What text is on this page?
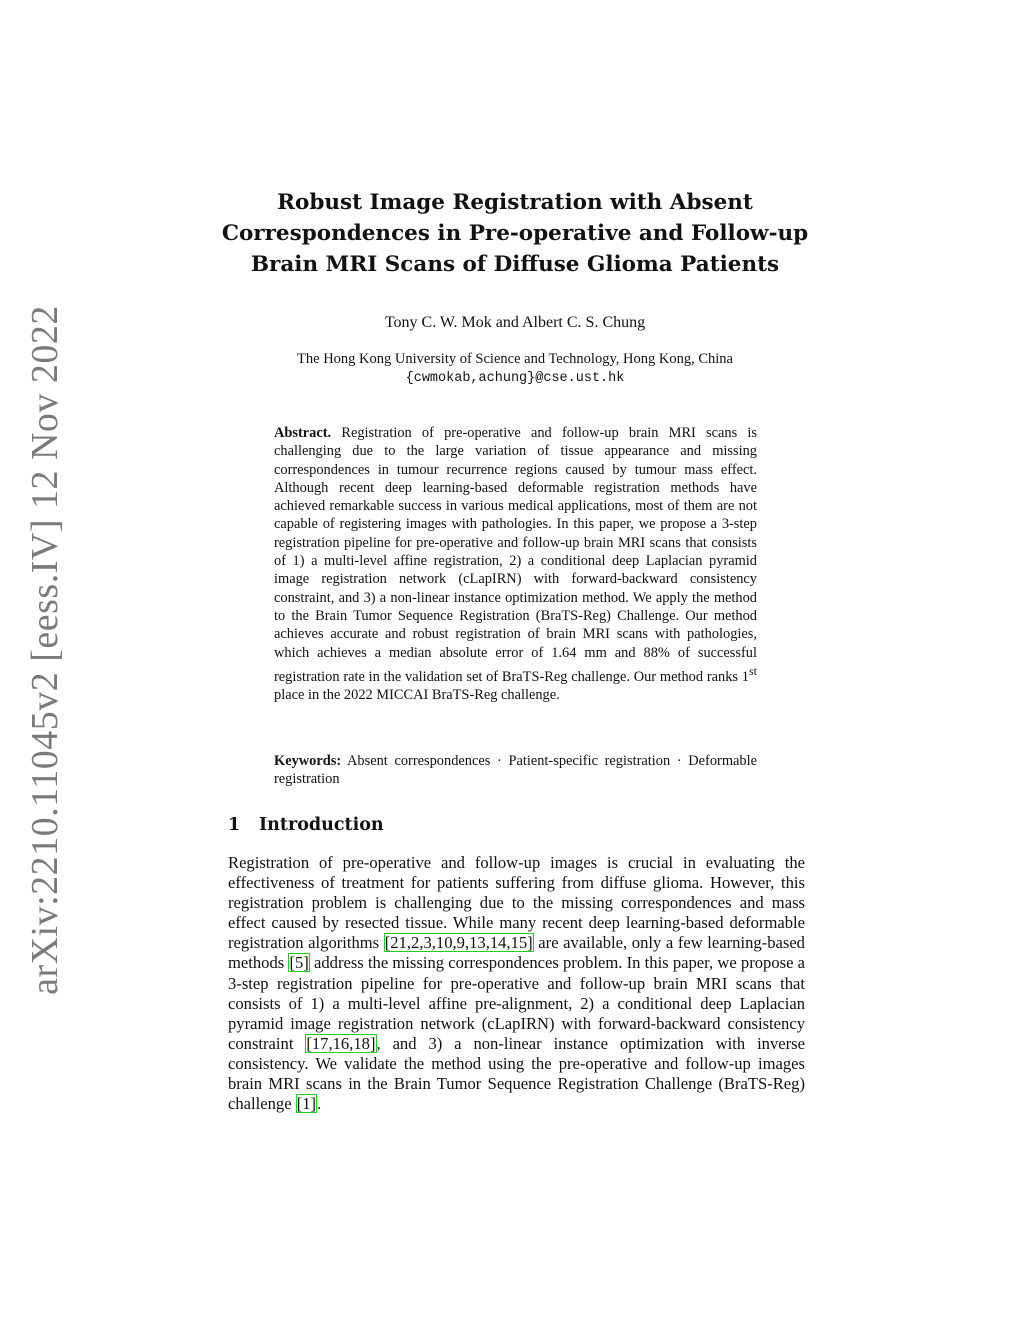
arXiv:2210.11045v2 [eess.IV] 12 Nov 2022
Robust Image Registration with Absent
Correspondences in Pre-operative and Follow-up
Brain MRI Scans of Diffuse Glioma Patients
Tony C. W. Mok and Albert C. S. Chung
The Hong Kong University of Science and Technology, Hong Kong, China
{cwmokab,achung}@cse.ust.hk

Abstract. Registration of pre-operative and follow-up brain MRI scans is challenging due to the large variation of tissue appearance and missing correspondences in tumour recurrence regions caused by tumour mass effect. Although recent deep learning-based deformable registration methods have achieved remarkable success in various medical applications, most of them are not capable of registering images with pathologies. In this paper, we propose a 3-step registration pipeline for pre-operative and follow-up brain MRI scans that consists of 1) a multi-level affine registration, 2) a conditional deep Laplacian pyramid image registration network (cLapIRN) with forward-backward consistency constraint, and 3) a non-linear instance optimization method. We apply the method to the Brain Tumor Sequence Registration (BraTS-Reg) Challenge. Our method achieves accurate and robust registration of brain MRI scans with pathologies, which achieves a median absolute error of 1.64 mm and 88% of successful registration rate in the validation set of BraTS-Reg challenge. Our method ranks 1st place in the 2022 MICCAI BraTS-Reg challenge.

Keywords: Absent correspondences · Patient-specific registration · Deformable registration

1 Introduction

Registration of pre-operative and follow-up images is crucial in evaluating the effectiveness of treatment for patients suffering from diffuse glioma. However, this registration problem is challenging due to the missing correspondences and mass effect caused by resected tissue. While many recent deep learning-based deformable registration algorithms [21,2,3,10,9,13,14,15] are available, only a few learning-based methods [5] address the missing correspondences problem. In this paper, we propose a 3-step registration pipeline for pre-operative and follow-up brain MRI scans that consists of 1) a multi-level affine pre-alignment, 2) a conditional deep Laplacian pyramid image registration network (cLapIRN) with forward-backward consistency constraint [17,16,18], and 3) a non-linear instance optimization with inverse consistency. We validate the method using the pre-operative and follow-up images brain MRI scans in the Brain Tumor Sequence Registration Challenge (BraTS-Reg) challenge [1].
